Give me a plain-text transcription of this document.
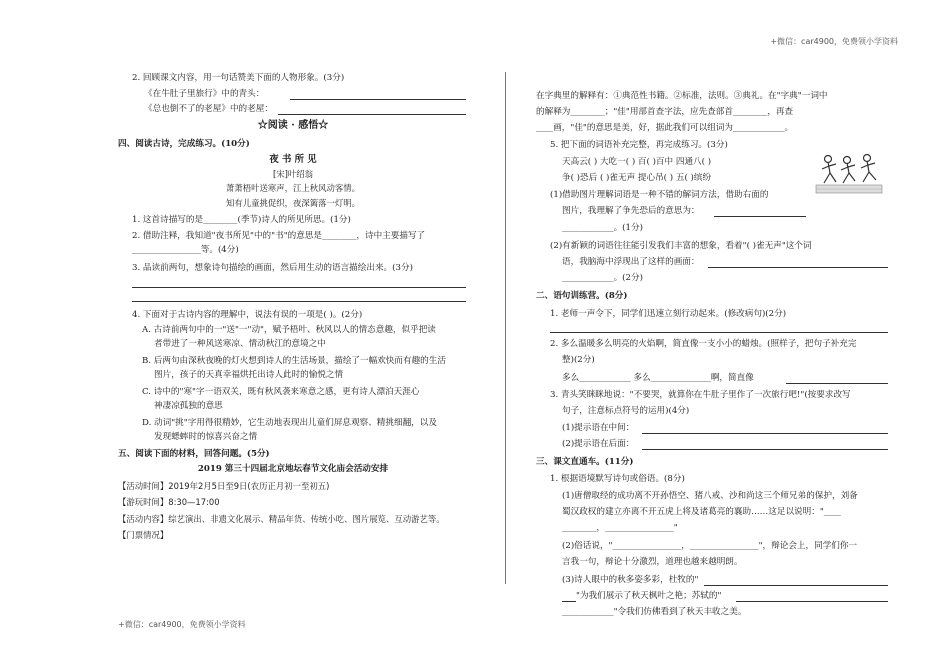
+微信：car4900，免费领小学资料
2. 回顾课文内容，用一句话赞美下面的人物形象。(3分)
《在牛肚子里旅行》中的青头：
《总也倒不了的老屋》中的老屋：
☆阅读 · 感悟☆
四、阅读古诗，完成练习。(10分)
夜 书 所 见
[宋]叶绍翁
萧萧梧叶送寒声，江上秋风动客情。
知有儿童挑促织，夜深篱落一灯明。
1. 这首诗描写的是________(季节)诗人的所见所思。(1分)
2. 借助注释，我知道"夜书所见"中的"书"的意思是________，诗中主要描写了
________________等。(4分)
3. 品读前两句，想象诗句描绘的画面，然后用生动的语言描绘出来。(3分)
4. 下面对于古诗内容的理解中，说法有误的一项是( )。(2分)
A. 古诗前两句中的一"送"一"动"，赋予梧叶、秋风以人的情态意趣，似乎把读
者带进了一种风送寒凉、情动秋江的意境之中
B. 后两句由深秋夜晚的灯火想到诗人的生活场景，描绘了一幅欢快而有趣的生活
图片，孩子的天真幸福烘托出诗人此时的愉悦之情
C. 诗中的"寒"字一语双关，既有秋风袭来寒意之感，更有诗人漂泊天涯心
神凄凉孤独的意思
D. 动词"挑"字用得很精妙，它生动地表现出儿童们屏息观察、精挑细翻，以及
发现蟋蟀时的惊喜兴奋之情
五、阅读下面的材料，回答问题。(5分)
2019 第三十四届北京地坛春节文化庙会活动安排
【活动时间】2019年2月5日至9日(农历正月初一至初五)
【游玩时间】8:30—17:00
【活动内容】综艺演出、非遗文化展示、精品年货、传统小吃、图片展览、互动游艺等。
【门票情况】
在字典里的解释有：①典范性书籍。②标准，法则。③典礼。在"字典"一词中
的解释为________；"佳"用部首查字法，应先查部首________，再查
____画，"佳"的意思是美，好，据此我们可以组词为____________。
5. 把下面的词语补充完整，再完成练习。(3分)
天高云( ) 大吃一( ) 百( )百中 四通八( )
争( )恐后 ( )雀无声 提心吊( ) 五( )缤纷
(1)借助图片理解词语是一种不错的解词方法，借助右面的
图片，我理解了争先恐后的意思为：
____________。(1分)
(2)有新颖的词语往往能引发我们丰富的想象，看着"( )雀无声"这个词
语，我脑海中浮现出了这样的画面：
____________。(2分)
二、语句训练营。(8分)
1. 老师一声令下，同学们迅速立刻行动起来。(修改病句)(2分)
2. 多么温暖多么明亮的火焰啊，简直像一支小小的蜡烛。(照样子，把句子补充完
整)(2分)
多么____________ 多么______________啊，简直像
3. 青头笑眯眯地说："不要哭，就算你在牛肚子里作了一次旅行吧!"(按要求改写
句子，注意标点符号的运用)(4分)
(1)提示语在中间：
(2)提示语在后面：
三、课文直通车。(11分)
1. 根据语境默写诗句或俗语。(8分)
(1)唐僧取经的成功离不开孙悟空、猪八戒、沙和尚这三个师兄弟的保护，刘备
蜀汉政权的建立亦离不开五虎上将及诸葛亮的襄助……这足以说明："____
________，________________"
(2)俗话说，"________________，________________"，辩论会上，同学们你一
言我一句，辩论十分激烈，道理也越来越明朗。
(3)诗人眼中的秋多姿多彩，杜牧的"
"为我们展示了秋天枫叶之艳；苏轼的"
____________"令我们仿佛看到了秋天丰收之美。
+微信：car4900，免费领小学资料
